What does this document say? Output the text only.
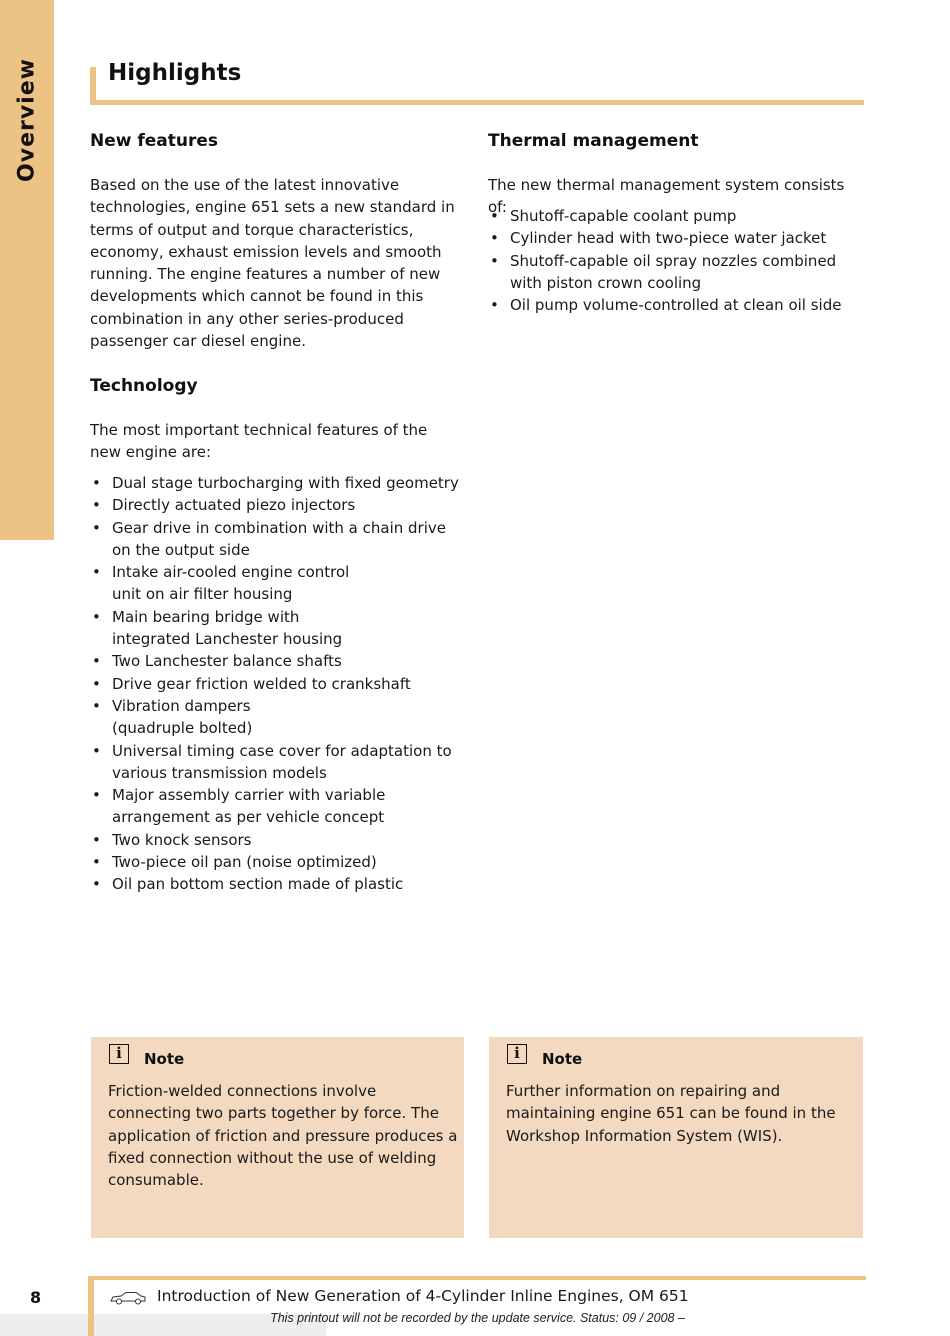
Overview	Highlights
New features

Based on the use of the latest innovative technologies, engine 651 sets a new standard in terms of output and torque characteristics, economy, exhaust emission levels and smooth running. The engine features a number of new developments which cannot be found in this combination in any other series-produced passenger car diesel engine.

Thermal management

The new thermal management system consists of:

• Shutoff-capable coolant pump
• Cylinder head with two-piece water jacket
• Shutoff-capable oil spray nozzles combined with piston crown cooling
• Oil pump volume-controlled at clean oil side
Technology

The most important technical features of the new engine are:

• Dual stage turbocharging with fixed geometry
• Directly actuated piezo injectors
• Gear drive in combination with a chain drive on the output side
• Intake air-cooled engine control unit on air filter housing
• Main bearing bridge with integrated Lanchester housing
• Two Lanchester balance shafts
• Drive gear friction welded to crankshaft
• Vibration dampers (quadruple bolted)
• Universal timing case cover for adaptation to various transmission models
• Major assembly carrier with variable arrangement as per vehicle concept
• Two knock sensors
• Two-piece oil pan (noise optimized)
• Oil pan bottom section made of plastic
i	Note

Friction-welded connections involve connecting two parts together by force. The application of friction and pressure produces a fixed connection without the use of welding consumable.

i	Note

Further information on repairing and maintaining engine 651 can be found in the Workshop Information System (WIS).

8	Introduction of New Generation of 4-Cylinder Inline Engines, OM 651
This printout will not be recorded by the update service. Status: 09 / 2008 –
